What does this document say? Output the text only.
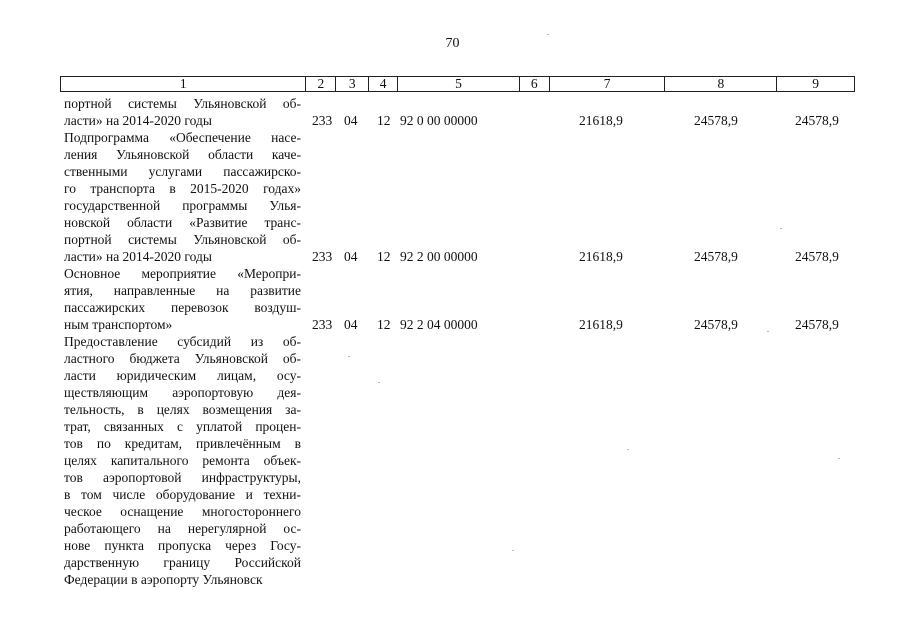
70
1	2	3	4	5	6	7	8	9
портной системы Ульяновской об-
ласти» на 2014-2020 годы	233 04 12 92 0 00 00000	21618,9	24578,9	24578,9
Подпрограмма «Обеспечение насе-
ления Ульяновской области каче-
ственными услугами пассажирско-
го транспорта в 2015-2020 годах»
государственной программы Улья-
новской области «Развитие транс-
портной системы Ульяновской об-
ласти» на 2014-2020 годы	233 04 12 92 2 00 00000	21618,9	24578,9	24578,9
Основное мероприятие «Меропри-
ятия, направленные на развитие
пассажирских перевозок воздуш-
ным транспортом»	233 04 12 92 2 04 00000	21618,9	24578,9	24578,9
Предоставление субсидий из об-
ластного бюджета Ульяновской об-
ласти юридическим лицам, осу-
ществляющим аэропортовую дея-
тельность, в целях возмещения за-
трат, связанных с уплатой процен-
тов по кредитам, привлечённым в
целях капитального ремонта объек-
тов аэропортовой инфраструктуры,
в том числе оборудование и техни-
ческое оснащение многостороннего
работающего на нерегулярной ос-
нове пункта пропуска через Госу-
дарственную границу Российской
Федерации в аэропорту Ульяновск
